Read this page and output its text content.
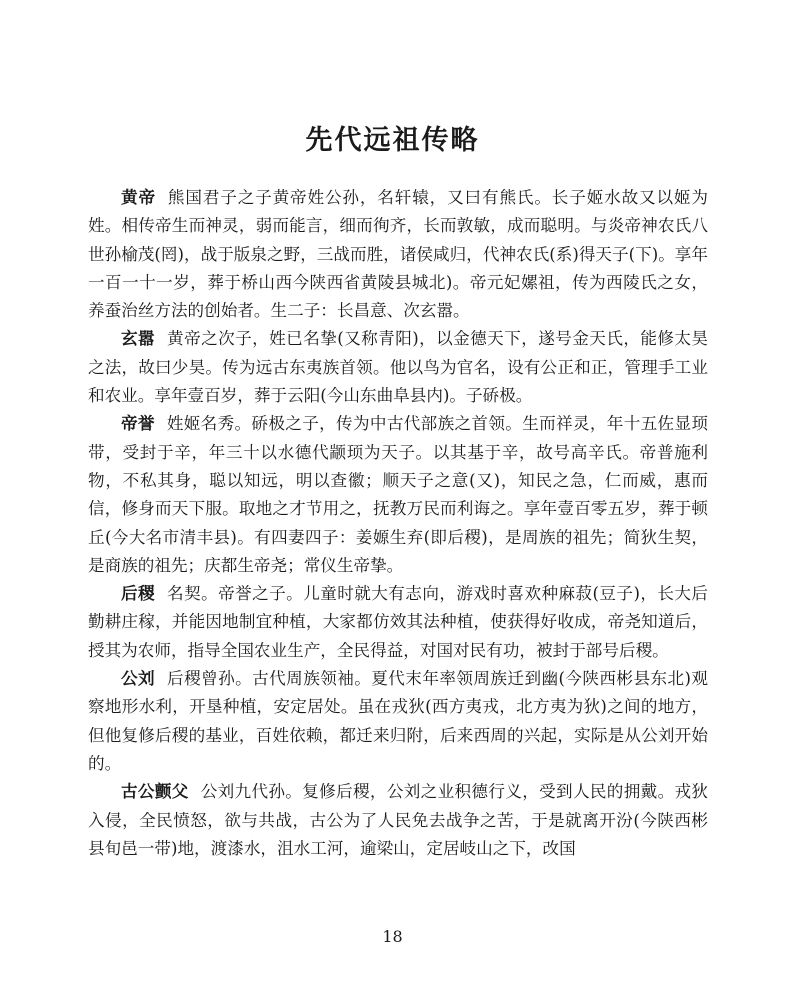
先代远祖传略

黄帝 熊国君子之子黄帝姓公孙，名轩辕，又曰有熊氏。长子姬水故又以姬为姓。相传帝生而神灵，弱而能言，细而徇齐，长而敦敏，成而聪明。与炎帝神农氏八世孙榆茂(罔)，战于版泉之野，三战而胜，诸侯咸归，代神农氏(系)得天子(下)。享年一百一十一岁，葬于桥山西今陕西省黄陵县城北)。帝元妃嫘祖，传为西陵氏之女，养蚕治丝方法的创始者。生二子：长昌意、次玄嚣。

玄嚣 黄帝之次子，姓已名挚(又称青阳)，以金德天下，遂号金天氏，能修太昊之法，故曰少昊。传为远古东夷族首领。他以鸟为官名，设有公正和正，管理手工业和农业。享年壹百岁，葬于云阳(今山东曲阜县内)。子硚极。

帝誉 姓姬名秀。硚极之子，传为中古代部族之首领。生而祥灵，年十五佐显顼带，受封于辛，年三十以水德代颛顼为天子。以其基于辛，故号高辛氏。帝普施利物，不私其身，聪以知远，明以查徽；顺天子之意(又)，知民之急，仁而威，惠而信，修身而天下服。取地之才节用之，抚教万民而利诲之。享年壹百零五岁，葬于顿丘(今大名市清丰县)。有四妻四子：姜嫄生弃(即后稷)，是周族的祖先；简狄生契，是商族的祖先；庆都生帝尧；常仪生帝挚。

后稷 名契。帝誉之子。儿童时就大有志向，游戏时喜欢种麻菽(豆子)，长大后勤耕庄稼，并能因地制宜种植，大家都仿效其法种植，使获得好收成，帝尧知道后，授其为农师，指导全国农业生产，全民得益，对国对民有功，被封于部号后稷。

公刘 后稷曾孙。古代周族领袖。夏代末年率领周族迁到幽(今陕西彬县东北)观察地形水利，开垦种植，安定居处。虽在戎狄(西方夷戎，北方夷为狄)之间的地方，但他复修后稷的基业，百姓依赖，都迁来归附，后来西周的兴起，实际是从公刘开始的。

古公颤父 公刘九代孙。复修后稷，公刘之业积德行义，受到人民的拥戴。戎狄入侵，全民愤怒，欲与共战，古公为了人民免去战争之苦，于是就离开汾(今陕西彬县旬邑一带)地，渡漆水，沮水工河，逾梁山，定居岐山之下，改国

18
